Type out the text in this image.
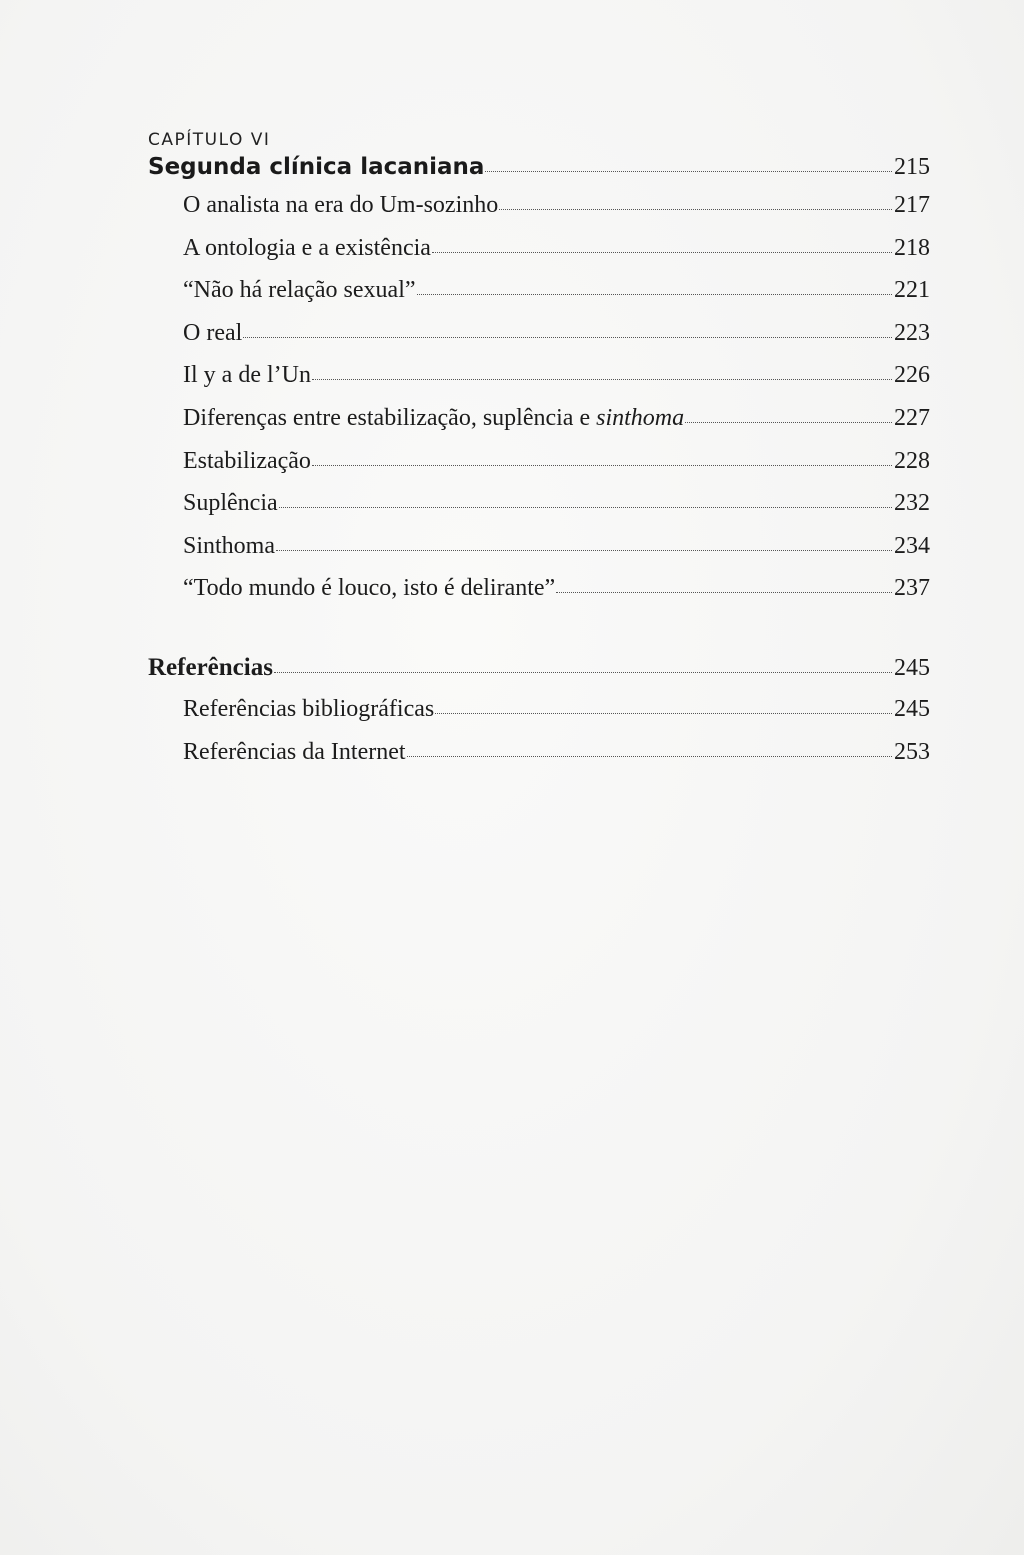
CAPÍTULO VI
Segunda clínica lacaniana	215
O analista na era do Um-sozinho	217
A ontologia e a existência	218
“Não há relação sexual”	221
O real	223
Il y a de l’Un	226
Diferenças entre estabilização, suplência e sinthoma	227
Estabilização	228
Suplência	232
Sinthoma	234
“Todo mundo é louco, isto é delirante”	237
Referências	245
Referências bibliográficas	245
Referências da Internet	253
